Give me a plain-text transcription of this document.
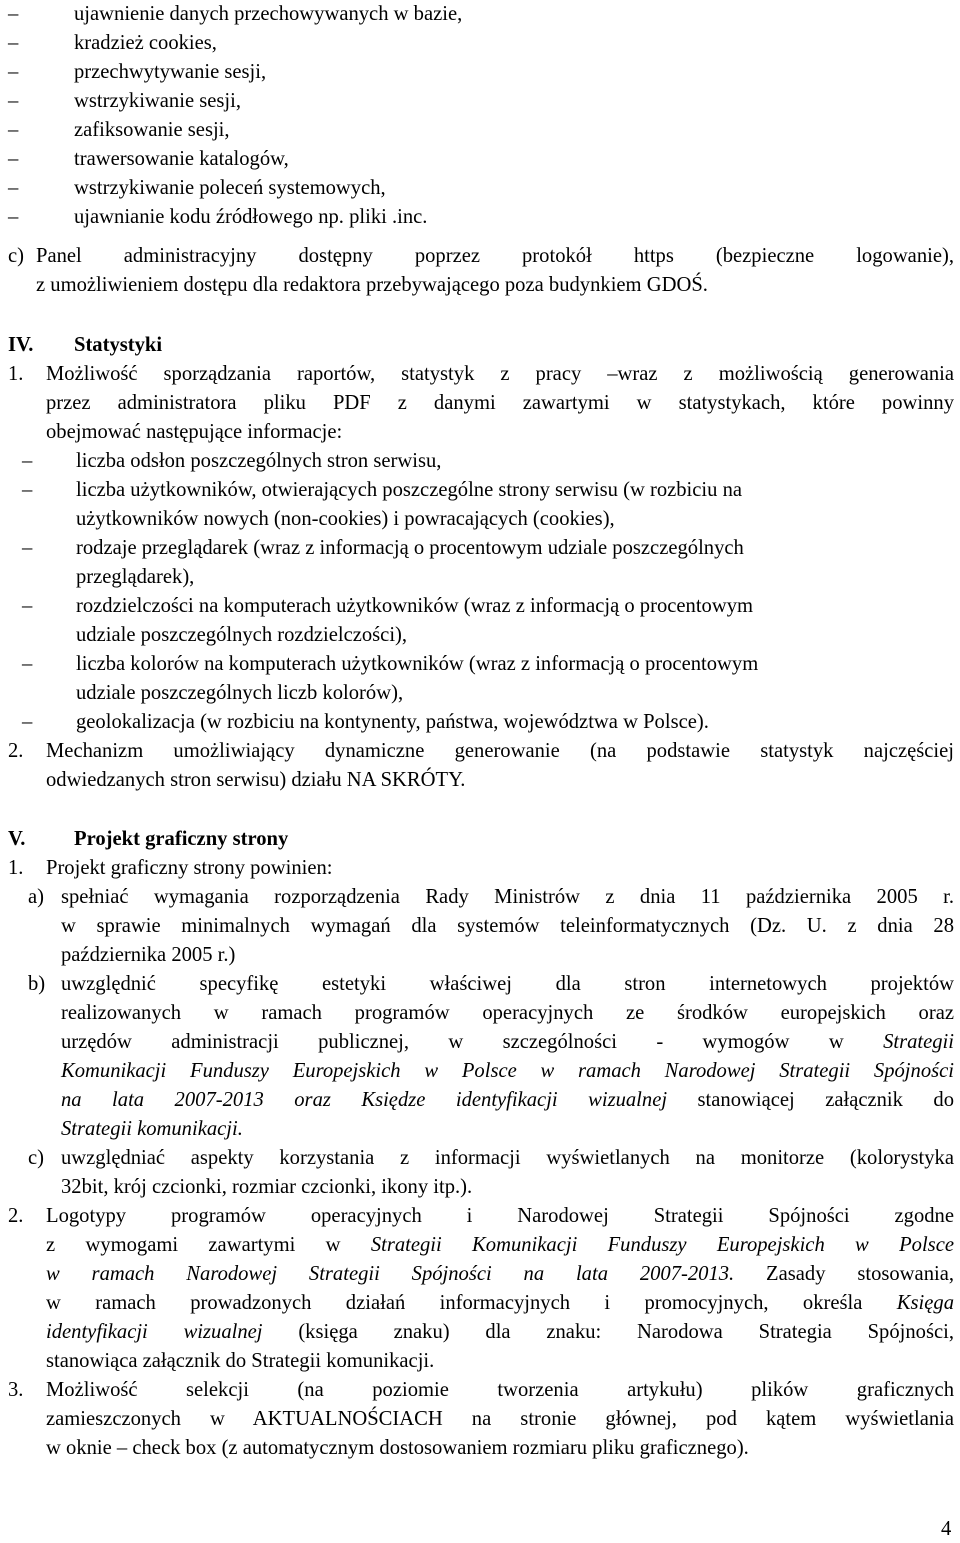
–	ujawnienie danych przechowywanych w bazie,
–	kradzież cookies,
–	przechwytywanie sesji,
–	wstrzykiwanie sesji,
–	zafiksowanie sesji,
–	trawersowanie katalogów,
–	wstrzykiwanie poleceń systemowych,
–	ujawnianie kodu źródłowego np. pliki .inc.
c) Panel administracyjny dostępny poprzez protokół https (bezpieczne logowanie),
z umożliwieniem dostępu dla redaktora przebywającego poza budynkiem GDOŚ.
IV. Statystyki
1. Możliwość sporządzania raportów, statystyk z pracy –wraz z możliwością generowania
przez administratora pliku PDF z danymi zawartymi w statystykach, które powinny
obejmować następujące informacje:
– liczba odsłon poszczególnych stron serwisu,
– liczba użytkowników, otwierających poszczególne strony serwisu (w rozbiciu na
użytkowników nowych (non-cookies) i powracających (cookies),
– rodzaje przeglądarek (wraz z informacją o procentowym udziale poszczególnych
przeglądarek),
– rozdzielczości na komputerach użytkowników (wraz z informacją o procentowym
udziale poszczególnych rozdzielczości),
– liczba kolorów na komputerach użytkowników (wraz z informacją o procentowym
udziale poszczególnych liczb kolorów),
– geolokalizacja (w rozbiciu na kontynenty, państwa, województwa w Polsce).
2. Mechanizm umożliwiający dynamiczne generowanie (na podstawie statystyk najczęściej
odwiedzanych stron serwisu) działu NA SKRÓTY.
V. Projekt graficzny strony
1. Projekt graficzny strony powinien:
a) spełniać wymagania rozporządzenia Rady Ministrów z dnia 11 października 2005 r.
w sprawie minimalnych wymagań dla systemów teleinformatycznych (Dz. U. z dnia 28
października 2005 r.)
b) uwzględnić specyfikę estetyki właściwej dla stron internetowych projektów
realizowanych w ramach programów operacyjnych ze środków europejskich oraz
urzędów administracji publicznej, w szczególności - wymogów w Strategii
Komunikacji Funduszy Europejskich w Polsce w ramach Narodowej Strategii Spójności
na lata 2007-2013 oraz Księdze identyfikacji wizualnej stanowiącej załącznik do
Strategii komunikacji.
c) uwzględniać aspekty korzystania z informacji wyświetlanych na monitorze (kolorystyka
32bit, krój czcionki, rozmiar czcionki, ikony itp.).
2. Logotypy programów operacyjnych i Narodowej Strategii Spójności zgodne
z wymogami zawartymi w Strategii Komunikacji Funduszy Europejskich w Polsce
w ramach Narodowej Strategii Spójności na lata 2007-2013. Zasady stosowania,
w ramach prowadzonych działań informacyjnych i promocyjnych, określa Księga
identyfikacji wizualnej (księga znaku) dla znaku: Narodowa Strategia Spójności,
stanowiąca załącznik do Strategii komunikacji.
3. Możliwość selekcji (na poziomie tworzenia artykułu) plików graficznych
zamieszczonych w AKTUALNOŚCIACH na stronie głównej, pod kątem wyświetlania
w oknie – check box (z automatycznym dostosowaniem rozmiaru pliku graficznego).
4
